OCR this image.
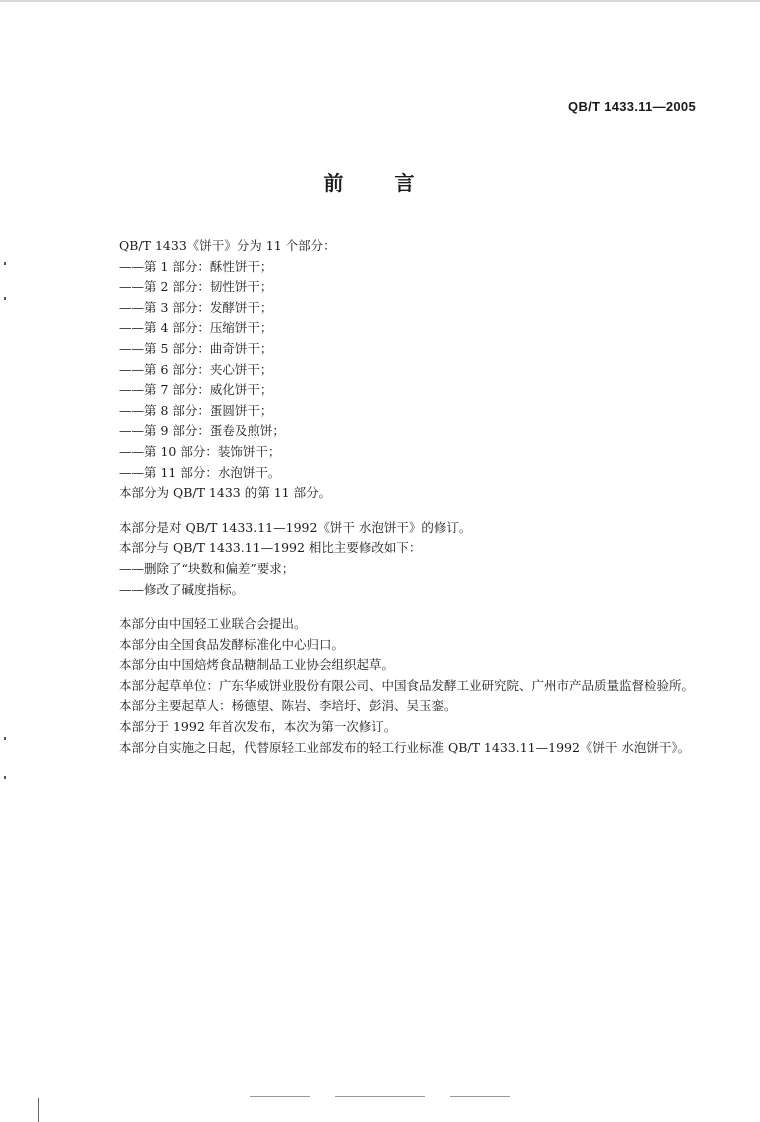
QB/T 1433.11—2005
前 言
QB/T 1433《饼干》分为 11 个部分：
——第 1 部分：酥性饼干；
——第 2 部分：韧性饼干；
——第 3 部分：发酵饼干；
——第 4 部分：压缩饼干；
——第 5 部分：曲奇饼干；
——第 6 部分：夹心饼干；
——第 7 部分：威化饼干；
——第 8 部分：蛋圆饼干；
——第 9 部分：蛋卷及煎饼；
——第 10 部分：装饰饼干；
——第 11 部分：水泡饼干。
本部分为 QB/T 1433 的第 11 部分。
本部分是对 QB/T 1433.11—1992《饼干 水泡饼干》的修订。
本部分与 QB/T 1433.11—1992 相比主要修改如下：
——删除了“块数和偏差”要求；
——修改了碱度指标。
本部分由中国轻工业联合会提出。
本部分由全国食品发酵标准化中心归口。
本部分由中国焙烤食品糖制品工业协会组织起草。
本部分起草单位：广东华威饼业股份有限公司、中国食品发酵工业研究院、广州市产品质量监督检验所。
本部分主要起草人：杨德望、陈岩、李培圩、彭涓、吴玉銮。
本部分于 1992 年首次发布，本次为第一次修订。
本部分自实施之日起，代替原轻工业部发布的轻工行业标准 QB/T 1433.11—1992《饼干 水泡饼干》。
